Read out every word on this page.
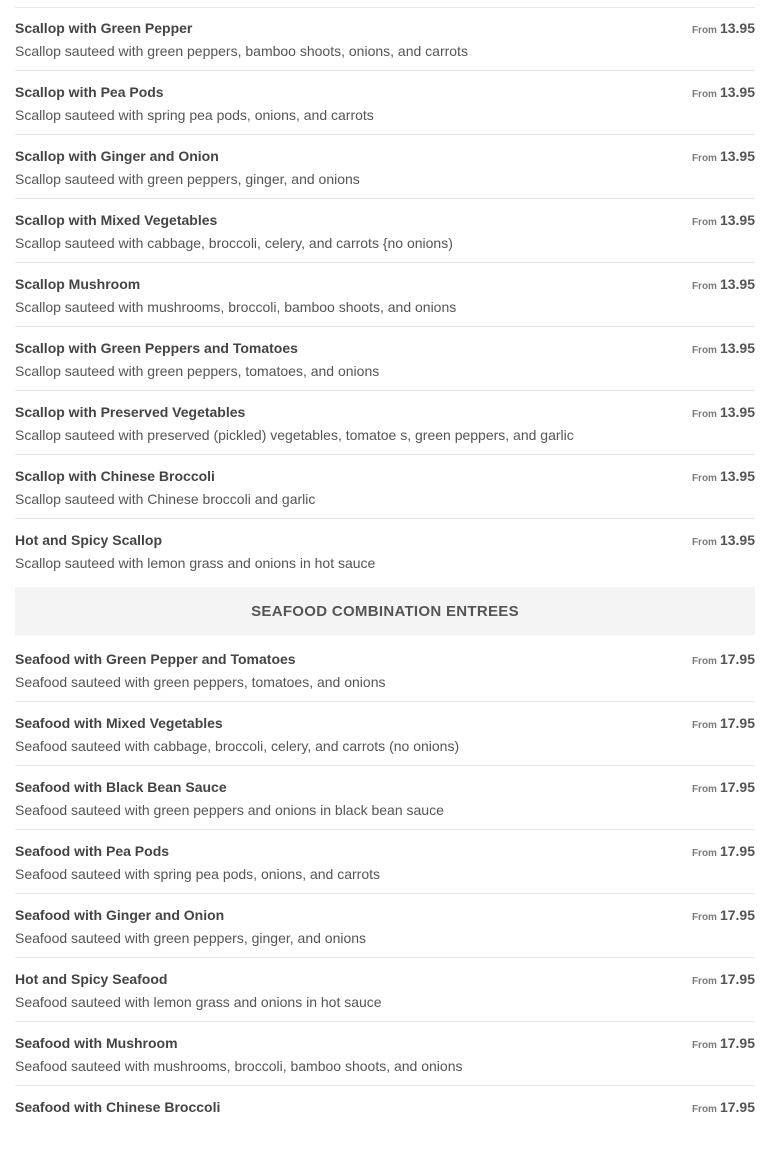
Scallop with Green Pepper
Scallop sauteed with green peppers, bamboo shoots, onions, and carrots
From 13.95
Scallop with Pea Pods
Scallop sauteed with spring pea pods, onions, and carrots
From 13.95
Scallop with Ginger and Onion
Scallop sauteed with green peppers, ginger, and onions
From 13.95
Scallop with Mixed Vegetables
Scallop sauteed with cabbage, broccoli, celery, and carrots {no onions)
From 13.95
Scallop Mushroom
Scallop sauteed with mushrooms, broccoli, bamboo shoots, and onions
From 13.95
Scallop with Green Peppers and Tomatoes
Scallop sauteed with green peppers, tomatoes, and onions
From 13.95
Scallop with Preserved Vegetables
Scallop sauteed with preserved (pickled) vegetables, tomatoe s, green peppers, and garlic
From 13.95
Scallop with Chinese Broccoli
Scallop sauteed with Chinese broccoli and garlic
From 13.95
Hot and Spicy Scallop
Scallop sauteed with lemon grass and onions in hot sauce
From 13.95
SEAFOOD COMBINATION ENTREES
Seafood with Green Pepper and Tomatoes
Seafood sauteed with green peppers, tomatoes, and onions
From 17.95
Seafood with Mixed Vegetables
Seafood sauteed with cabbage, broccoli, celery, and carrots (no onions)
From 17.95
Seafood with Black Bean Sauce
Seafood sauteed with green peppers and onions in black bean sauce
From 17.95
Seafood with Pea Pods
Seafood sauteed with spring pea pods, onions, and carrots
From 17.95
Seafood with Ginger and Onion
Seafood sauteed with green peppers, ginger, and onions
From 17.95
Hot and Spicy Seafood
Seafood sauteed with lemon grass and onions in hot sauce
From 17.95
Seafood with Mushroom
Seafood sauteed with mushrooms, broccoli, bamboo shoots, and onions
From 17.95
Seafood with Chinese Broccoli	From 17.95
